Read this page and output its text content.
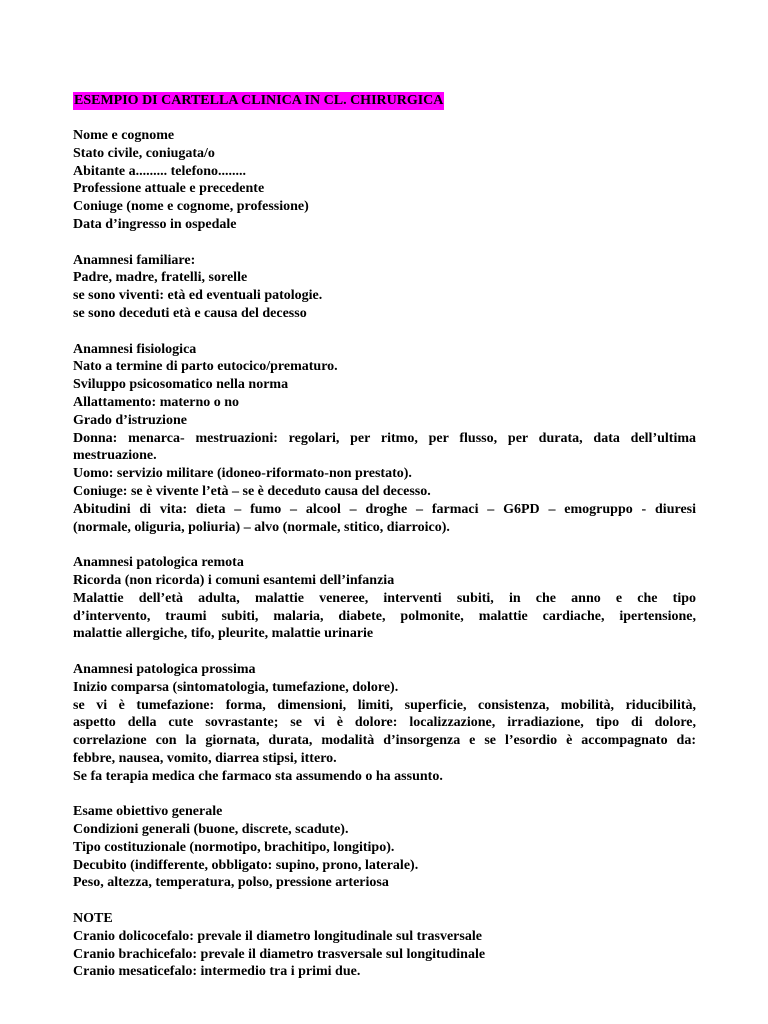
ESEMPIO DI CARTELLA CLINICA IN CL. CHIRURGICA
Nome e cognome
Stato civile, coniugata/o
Abitante a......... telefono........
Professione attuale e precedente
Coniuge (nome e cognome, professione)
Data d’ingresso in ospedale
Anamnesi familiare:
Padre, madre, fratelli, sorelle
se sono viventi: età ed eventuali patologie.
se sono deceduti età e causa del decesso
Anamnesi fisiologica
Nato a termine di parto eutocico/prematuro.
Sviluppo psicosomatico nella norma
Allattamento: materno o no
Grado d’istruzione
Donna: menarca- mestruazioni: regolari, per ritmo, per flusso, per durata, data dell’ultima
mestruazione.
Uomo: servizio militare (idoneo-riformato-non prestato).
Coniuge: se è vivente l’età – se è deceduto causa del decesso.
Abitudini di vita: dieta – fumo – alcool – droghe – farmaci – G6PD – emogruppo - diuresi
(normale, oliguria, poliuria) – alvo (normale, stitico, diarroico).
Anamnesi patologica remota
Ricorda (non ricorda) i comuni esantemi dell’infanzia
Malattie dell’età adulta, malattie veneree, interventi subiti, in che anno e che tipo
d’intervento, traumi subiti, malaria, diabete, polmonite, malattie cardiache, ipertensione,
malattie allergiche, tifo, pleurite, malattie urinarie
Anamnesi patologica prossima
Inizio comparsa (sintomatologia, tumefazione, dolore).
se vi è tumefazione: forma, dimensioni, limiti, superficie, consistenza, mobilità, riducibilità,
aspetto della cute sovrastante; se vi è dolore: localizzazione, irradiazione, tipo di dolore,
correlazione con la giornata, durata, modalità d’insorgenza e se l’esordio è accompagnato da:
febbre, nausea, vomito, diarrea stipsi, ittero.
Se fa terapia medica che farmaco sta assumendo o ha assunto.
Esame obiettivo generale
Condizioni generali (buone, discrete, scadute).
Tipo costituzionale (normotipo, brachitipo, longitipo).
Decubito (indifferente, obbligato: supino, prono, laterale).
Peso, altezza, temperatura, polso, pressione arteriosa
NOTE
Cranio dolicocefalo: prevale il diametro longitudinale sul trasversale
Cranio brachicefalo: prevale il diametro trasversale sul longitudinale
Cranio mesaticefalo: intermedio tra i primi due.
